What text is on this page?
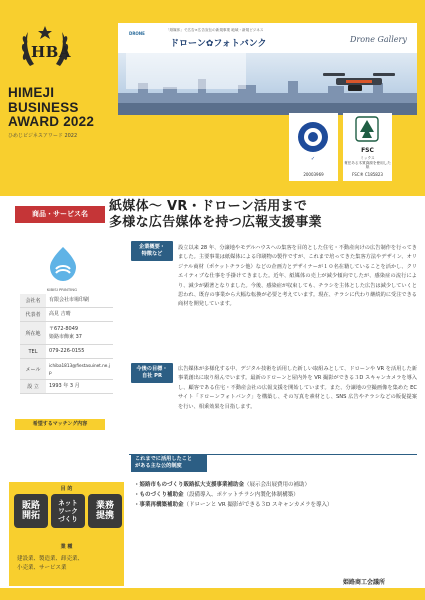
HBA
HIMEJI
BUSINESS
AWARD 2022
ひめじビジネスアワード 2022
「紙媒体」で広告×広告宣伝の新規事業 地域・新規ビジネス
DRONE
ドローン✿フォトバンク	Drone Gallery
✓
20003969
FSC
ミックス
責任ある木質資源を使用した紙
FSC® C185823
商品・サービス名	紙媒体～ VR・ドローン活用まで
多様な広告媒体を持つ広報支援事業
KIBISI PRINTING
会社名	有限会社市場印刷
代表者	高見 吉晴
所在地	〒672-8049
姫路市飾東 37
TEL	079-226-0155
メール	ichiba1813@fiestasuinet.ne.jp
設 立	1993 年 3 月
希望するマッチング内容
目 的
販路
開拓
ネット
ワーク
づくり
業務
提携
業 種
建設業、製造業、卸売業、
小売業、サービス業
企業概要・
特徴など
設立以来 28 年、分譲地やモデルハウスへの集客を目的とした住宅・不動産向けの広告制作を行ってきました。主要事業は紙媒体による印刷物の製作ですが、これまで培ってきた集客方法やデザイン、オリジナル商材（ポケットチラシ他）などの企画力とデザイナーが１０名在籍していることを活かし、クリエイティブな仕事を手掛けてきました。近年、紙媒体の売上が減少傾向でしたが、感染症の流行により、減少が顕著となりました。今後、感染症が収束しても、チラシを主体とした広告は減少していくと思われ、既存の事業から大幅な転換が必要と考えています。現在、チラシに代わり継続的に受注できる商材を開発しています。
今後の目標・
自社 PR
広告媒体が多様化する中、デジタル技術を活用した新しい取組みとして、ドローンや VR を活用した新事業創出に取り組んでいます。最新のドローンと屋内外を VR 撮影ができる３D スキャンカメラを導入し、顧客である住宅・不動産会社の広報支援を開始しています。また、分譲地の空撮画像を集めた EC サイト「ドローンフォトバンク」を構築し、その写真を素材とし、SNS 広告やチラシなどの販促提案を行い、相乗効果を目指します。
これまでに活用したこと
がある主な公的制度
・姫路市ものづくり販路拡大支援事業補助金（展示会出展費用の補助）
・ものづくり補助金（設備導入、ポケットチラシ内製化体制構築）
・事業再構築補助金（ドローンと VR 撮影ができる３D スキャンカメラを導入）
姫路商工会議所
